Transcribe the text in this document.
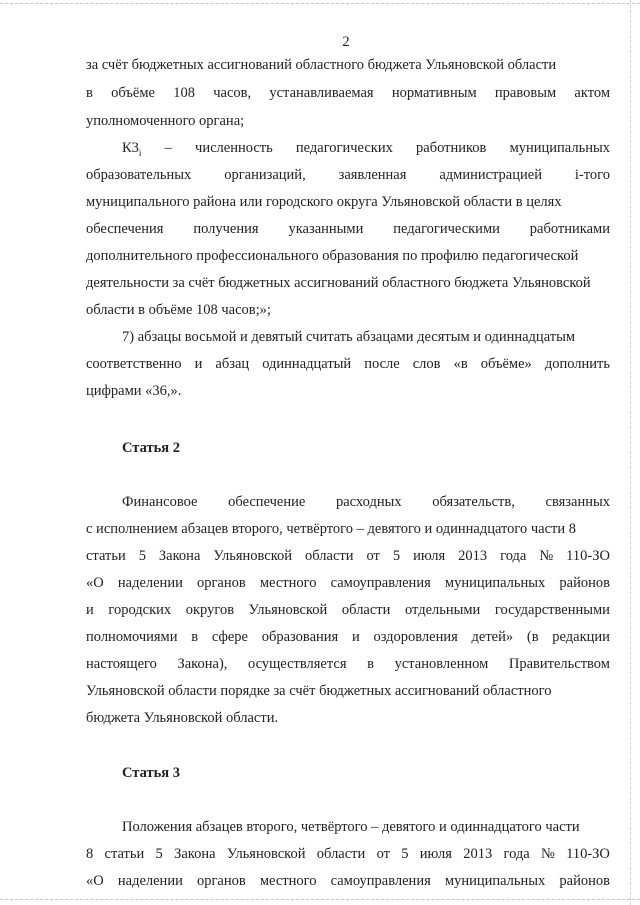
2
за счёт бюджетных ассигнований областного бюджета Ульяновской области
в объёме 108 часов, устанавливаемая нормативным правовым актом
уполномоченного органа;
$К3_i$ – численность педагогических работников муниципальных
образовательных организаций, заявленная администрацией i-того
муниципального района или городского округа Ульяновской области в целях
обеспечения получения указанными педагогическими работниками
дополнительного профессионального образования по профилю педагогической
деятельности за счёт бюджетных ассигнований областного бюджета Ульяновской
области в объёме 108 часов;»;
7) абзацы восьмой и девятый считать абзацами десятым и одиннадцатым
соответственно и абзац одиннадцатый после слов «в объёме» дополнить
цифрами «36,».
Статья 2
Финансовое обеспечение расходных обязательств, связанных
с исполнением абзацев второго, четвёртого – девятого и одиннадцатого части 8
статьи 5 Закона Ульяновской области от 5 июля 2013 года № 110-ЗО
«О наделении органов местного самоуправления муниципальных районов
и городских округов Ульяновской области отдельными государственными
полномочиями в сфере образования и оздоровления детей» (в редакции
настоящего Закона), осуществляется в установленном Правительством
Ульяновской области порядке за счёт бюджетных ассигнований областного
бюджета Ульяновской области.
Статья 3
Положения абзацев второго, четвёртого – девятого и одиннадцатого части
8 статьи 5 Закона Ульяновской области от 5 июля 2013 года № 110-ЗО
«О наделении органов местного самоуправления муниципальных районов
